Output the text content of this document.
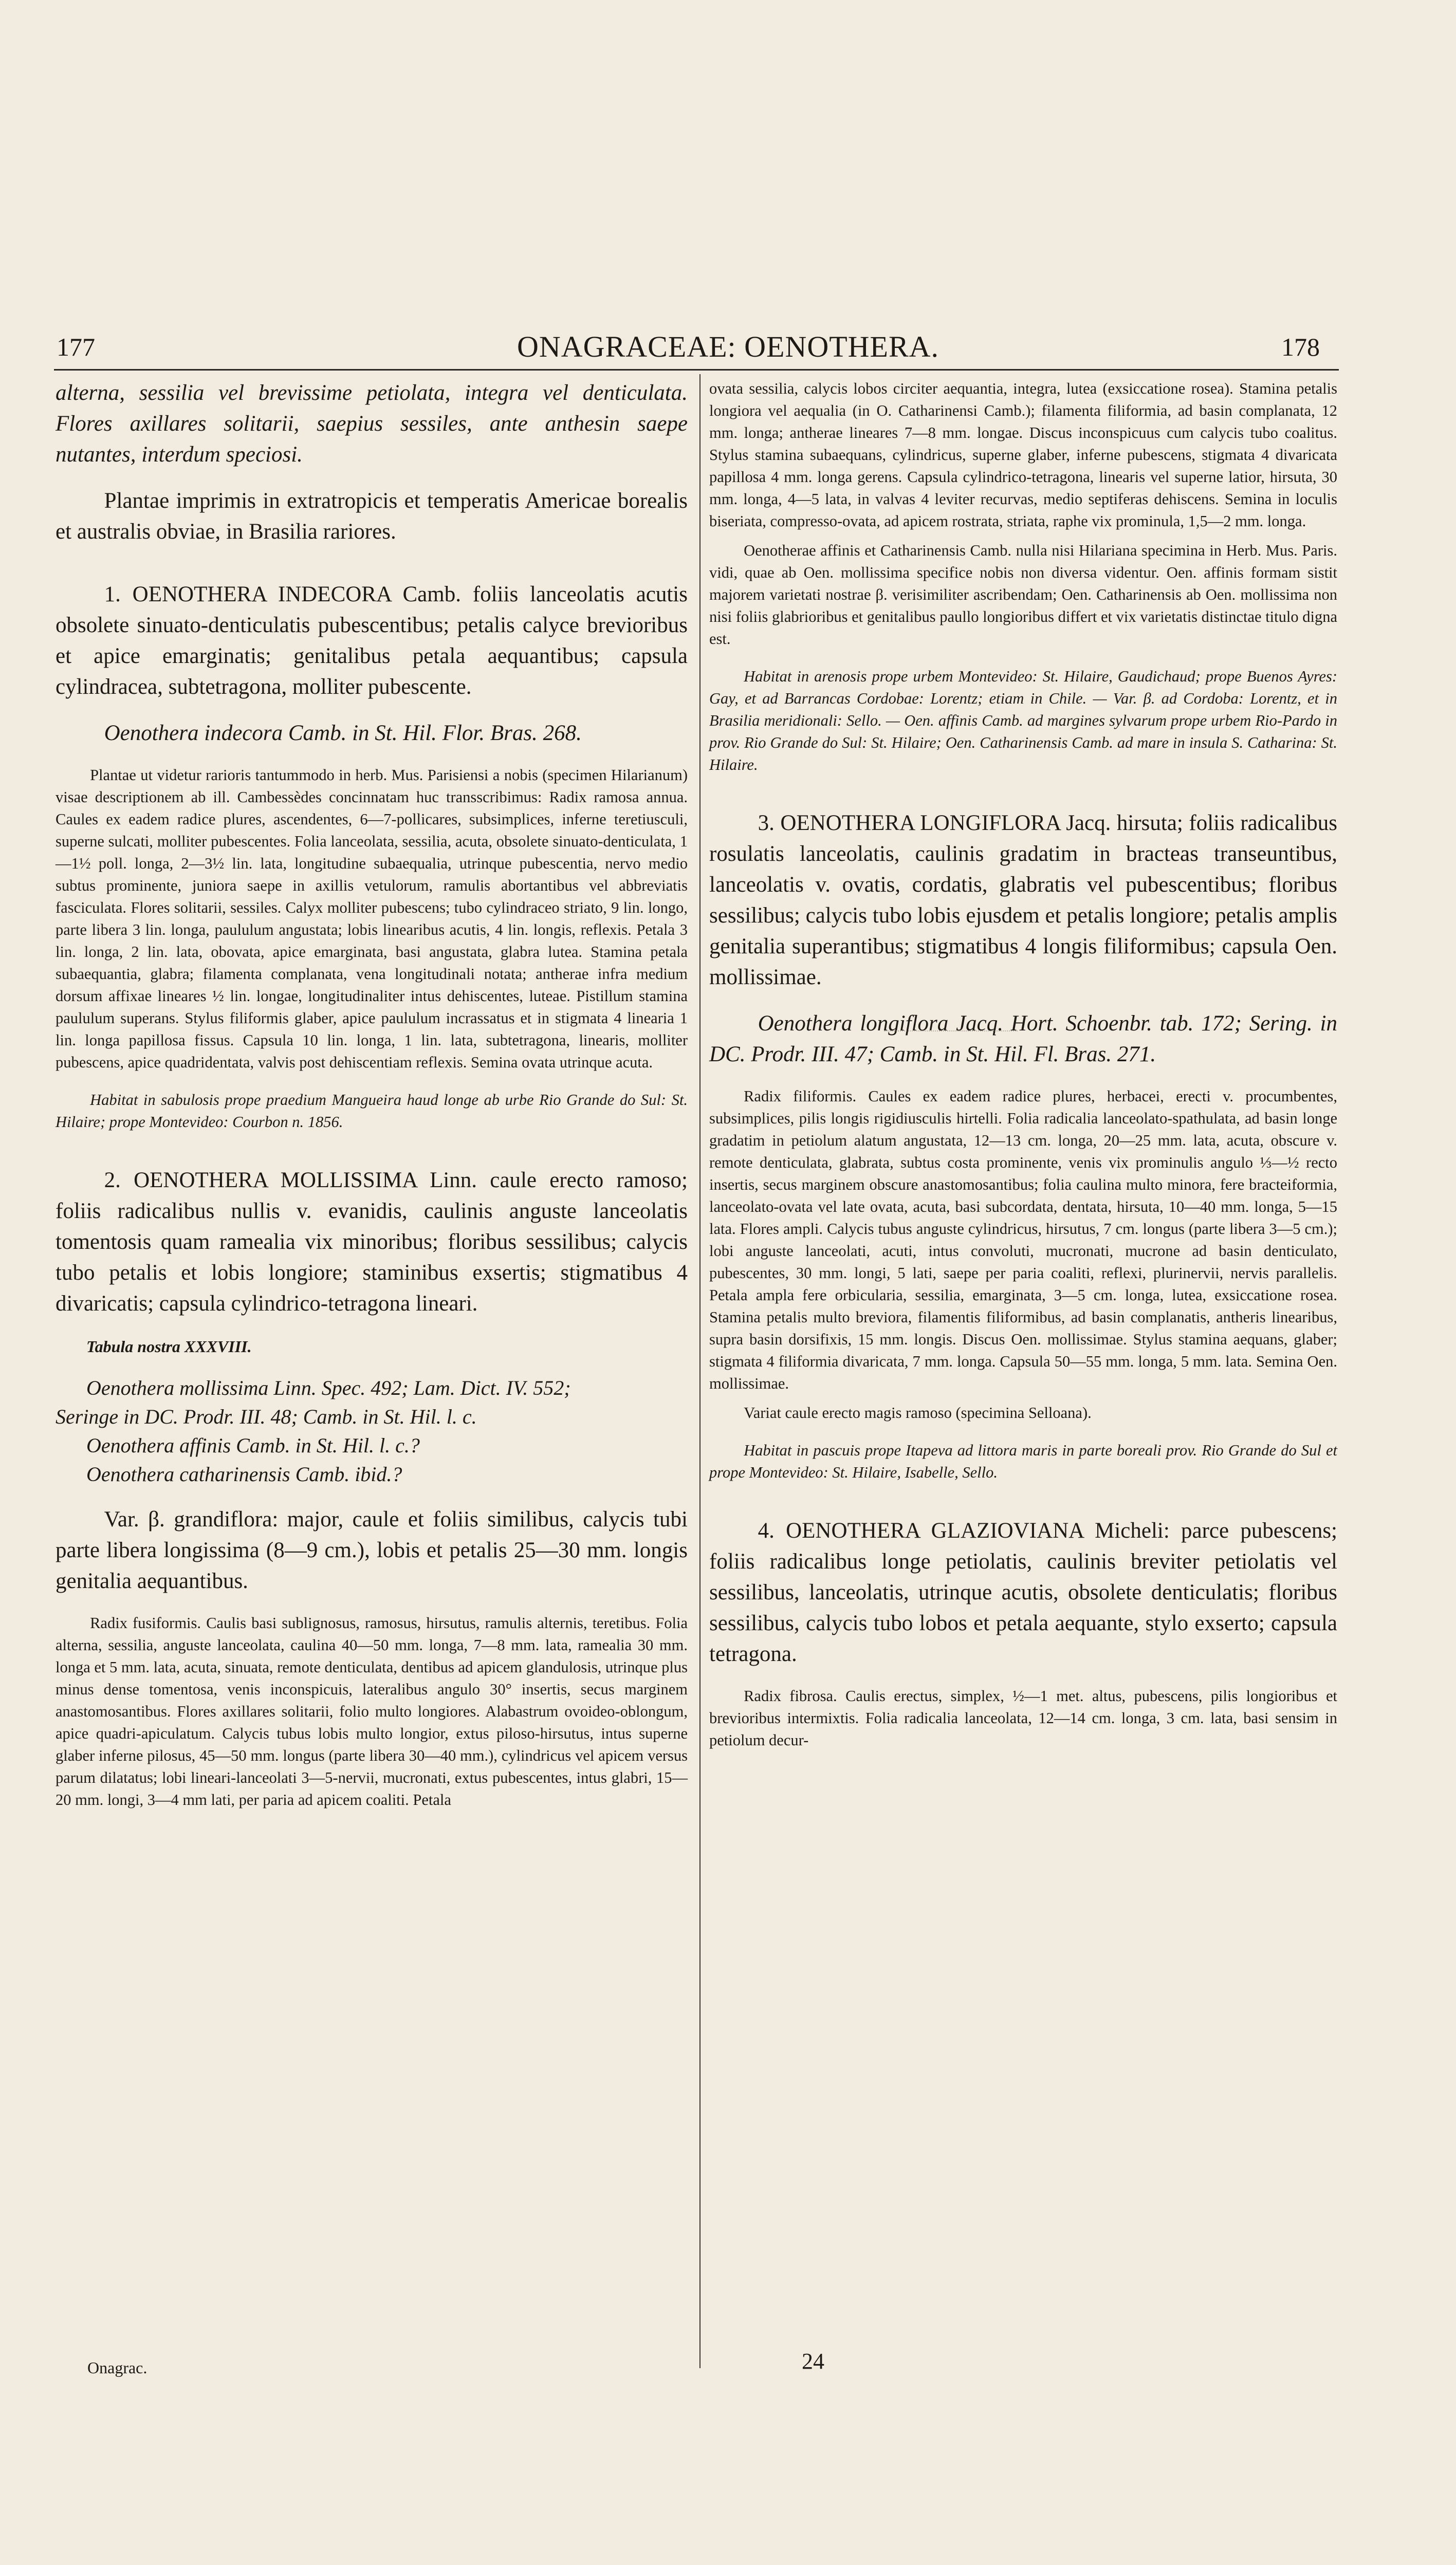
177	ONAGRACEAE: OENOTHERA.	178

alterna, sessilia vel brevissime petiolata, integra vel denticulata. Flores axillares solitarii, saepius sessiles, ante anthesin saepe nutantes, interdum speciosi.

Plantae imprimis in extratropicis et temperatis Americae borealis et australis obviae, in Brasilia rariores.

1. OENOTHERA INDECORA Camb. foliis lanceolatis acutis obsolete sinuato-denticulatis pubescentibus; petalis calyce brevioribus et apice emarginatis; genitalibus petala aequantibus; capsula cylindracea, subtetragona, molliter pubescente.

Oenothera indecora Camb. in St. Hil. Flor. Bras. 268.

Plantae ut videtur rarioris tantummodo in herb. Mus. Parisiensi a nobis (specimen Hilarianum) visae descriptionem ab ill. Cambessèdes concinnatam huc transscribimus: Radix ramosa annua. Caules ex eadem radice plures, ascendentes, 6—7-pollicares, subsimplices, inferne teretiusculi, superne sulcati, molliter pubescentes. Folia lanceolata, sessilia, acuta, obsolete sinuato-denticulata, 1—1½ poll. longa, 2—3½ lin. lata, longitudine subaequalia, utrinque pubescentia, nervo medio subtus prominente, juniora saepe in axillis vetulorum, ramulis abortantibus vel abbreviatis fasciculata. Flores solitarii, sessiles. Calyx molliter pubescens; tubo cylindraceo striato, 9 lin. longo, parte libera 3 lin. longa, paululum angustata; lobis linearibus acutis, 4 lin. longis, reflexis. Petala 3 lin. longa, 2 lin. lata, obovata, apice emarginata, basi angustata, glabra lutea. Stamina petala subaequantia, glabra; filamenta complanata, vena longitudinali notata; antherae infra medium dorsum affixae lineares ½ lin. longae, longitudinaliter intus dehiscentes, luteae. Pistillum stamina paululum superans. Stylus filiformis glaber, apice paululum incrassatus et in stigmata 4 linearia 1 lin. longa papillosa fissus. Capsula 10 lin. longa, 1 lin. lata, subtetragona, linearis, molliter pubescens, apice quadridentata, valvis post dehiscentiam reflexis. Semina ovata utrinque acuta.

Habitat in sabulosis prope praedium Mangueira haud longe ab urbe Rio Grande do Sul: St. Hilaire; prope Montevideo: Courbon n. 1856.

2. OENOTHERA MOLLISSIMA Linn. caule erecto ramoso; foliis radicalibus nullis v. evanidis, caulinis anguste lanceolatis tomentosis quam ramealia vix minoribus; floribus sessilibus; calycis tubo petalis et lobis longiore; staminibus exsertis; stigmatibus 4 divaricatis; capsula cylindrico-tetragona lineari.

Tabula nostra XXXVIII.

Oenothera mollissima Linn. Spec. 492; Lam. Dict. IV. 552;
Seringe in DC. Prodr. III. 48; Camb. in St. Hil. l. c.
Oenothera affinis Camb. in St. Hil. l. c.?
Oenothera catharinensis Camb. ibid.?

Var. β. grandiflora: major, caule et foliis similibus, calycis tubi parte libera longissima (8—9 cm.), lobis et petalis 25—30 mm. longis genitalia aequantibus.

Radix fusiformis. Caulis basi sublignosus, ramosus, hirsutus, ramulis alternis, teretibus. Folia alterna, sessilia, anguste lanceolata, caulina 40—50 mm. longa, 7—8 mm. lata, ramealia 30 mm. longa et 5 mm. lata, acuta, sinuata, remote denticulata, dentibus ad apicem glandulosis, utrinque plus minus dense tomentosa, venis inconspicuis, lateralibus angulo 30° insertis, secus marginem anastomosantibus. Flores axillares solitarii, folio multo longiores. Alabastrum ovoideo-oblongum, apice quadri-apiculatum. Calycis tubus lobis multo longior, extus piloso-hirsutus, intus superne glaber inferne pilosus, 45—50 mm. longus (parte libera 30—40 mm.), cylindricus vel apicem versus parum dilatatus; lobi lineari-lanceolati 3—5-nervii, mucronati, extus pubescentes, intus glabri, 15—20 mm. longi, 3—4 mm lati, per paria ad apicem coaliti. Petala

ovata sessilia, calycis lobos circiter aequantia, integra, lutea (exsiccatione rosea). Stamina petalis longiora vel aequalia (in O. Catharinensi Camb.); filamenta filiformia, ad basin complanata, 12 mm. longa; antherae lineares 7—8 mm. longae. Discus inconspicuus cum calycis tubo coalitus. Stylus stamina subaequans, cylindricus, superne glaber, inferne pubescens, stigmata 4 divaricata papillosa 4 mm. longa gerens. Capsula cylindrico-tetragona, linearis vel superne latior, hirsuta, 30 mm. longa, 4—5 lata, in valvas 4 leviter recurvas, medio septiferas dehiscens. Semina in loculis biseriata, compresso-ovata, ad apicem rostrata, striata, raphe vix prominula, 1,5—2 mm. longa.

Oenotherae affinis et Catharinensis Camb. nulla nisi Hilariana specimina in Herb. Mus. Paris. vidi, quae ab Oen. mollissima specifice nobis non diversa videntur. Oen. affinis formam sistit majorem varietati nostrae β. verisimiliter ascribendam; Oen. Catharinensis ab Oen. mollissima non nisi foliis glabrioribus et genitalibus paullo longioribus differt et vix varietatis distinctae titulo digna est.

Habitat in arenosis prope urbem Montevideo: St. Hilaire, Gaudichaud; prope Buenos Ayres: Gay, et ad Barrancas Cordobae: Lorentz; etiam in Chile. — Var. β. ad Cordoba: Lorentz, et in Brasilia meridionali: Sello. — Oen. affinis Camb. ad margines sylvarum prope urbem Rio-Pardo in prov. Rio Grande do Sul: St. Hilaire; Oen. Catharinensis Camb. ad mare in insula S. Catharina: St. Hilaire.

3. OENOTHERA LONGIFLORA Jacq. hirsuta; foliis radicalibus rosulatis lanceolatis, caulinis gradatim in bracteas transeuntibus, lanceolatis v. ovatis, cordatis, glabratis vel pubescentibus; floribus sessilibus; calycis tubo lobis ejusdem et petalis longiore; petalis amplis genitalia superantibus; stigmatibus 4 longis filiformibus; capsula Oen. mollissimae.

Oenothera longiflora Jacq. Hort. Schoenbr. tab. 172; Sering. in DC. Prodr. III. 47; Camb. in St. Hil. Fl. Bras. 271.

Radix filiformis. Caules ex eadem radice plures, herbacei, erecti v. procumbentes, subsimplices, pilis longis rigidiusculis hirtelli. Folia radicalia lanceolato-spathulata, ad basin longe gradatim in petiolum alatum angustata, 12—13 cm. longa, 20—25 mm. lata, acuta, obscure v. remote denticulata, glabrata, subtus costa prominente, venis vix prominulis angulo ⅓—½ recto insertis, secus marginem obscure anastomosantibus; folia caulina multo minora, fere bracteiformia, lanceolato-ovata vel late ovata, acuta, basi subcordata, dentata, hirsuta, 10—40 mm. longa, 5—15 lata. Flores ampli. Calycis tubus anguste cylindricus, hirsutus, 7 cm. longus (parte libera 3—5 cm.); lobi anguste lanceolati, acuti, intus convoluti, mucronati, mucrone ad basin denticulato, pubescentes, 30 mm. longi, 5 lati, saepe per paria coaliti, reflexi, plurinervii, nervis parallelis. Petala ampla fere orbicularia, sessilia, emarginata, 3—5 cm. longa, lutea, exsiccatione rosea. Stamina petalis multo breviora, filamentis filiformibus, ad basin complanatis, antheris linearibus, supra basin dorsifixis, 15 mm. longis. Discus Oen. mollissimae. Stylus stamina aequans, glaber; stigmata 4 filiformia divaricata, 7 mm. longa. Capsula 50—55 mm. longa, 5 mm. lata. Semina Oen. mollissimae.

Variat caule erecto magis ramoso (specimina Selloana).

Habitat in pascuis prope Itapeva ad littora maris in parte boreali prov. Rio Grande do Sul et prope Montevideo: St. Hilaire, Isabelle, Sello.

4. OENOTHERA GLAZIOVIANA Micheli: parce pubescens; foliis radicalibus longe petiolatis, caulinis breviter petiolatis vel sessilibus, lanceolatis, utrinque acutis, obsolete denticulatis; floribus sessilibus, calycis tubo lobos et petala aequante, stylo exserto; capsula tetragona.

Radix fibrosa. Caulis erectus, simplex, ½—1 met. altus, pubescens, pilis longioribus et brevioribus intermixtis. Folia radicalia lanceolata, 12—14 cm. longa, 3 cm. lata, basi sensim in petiolum decur-

Onagrac.	24
